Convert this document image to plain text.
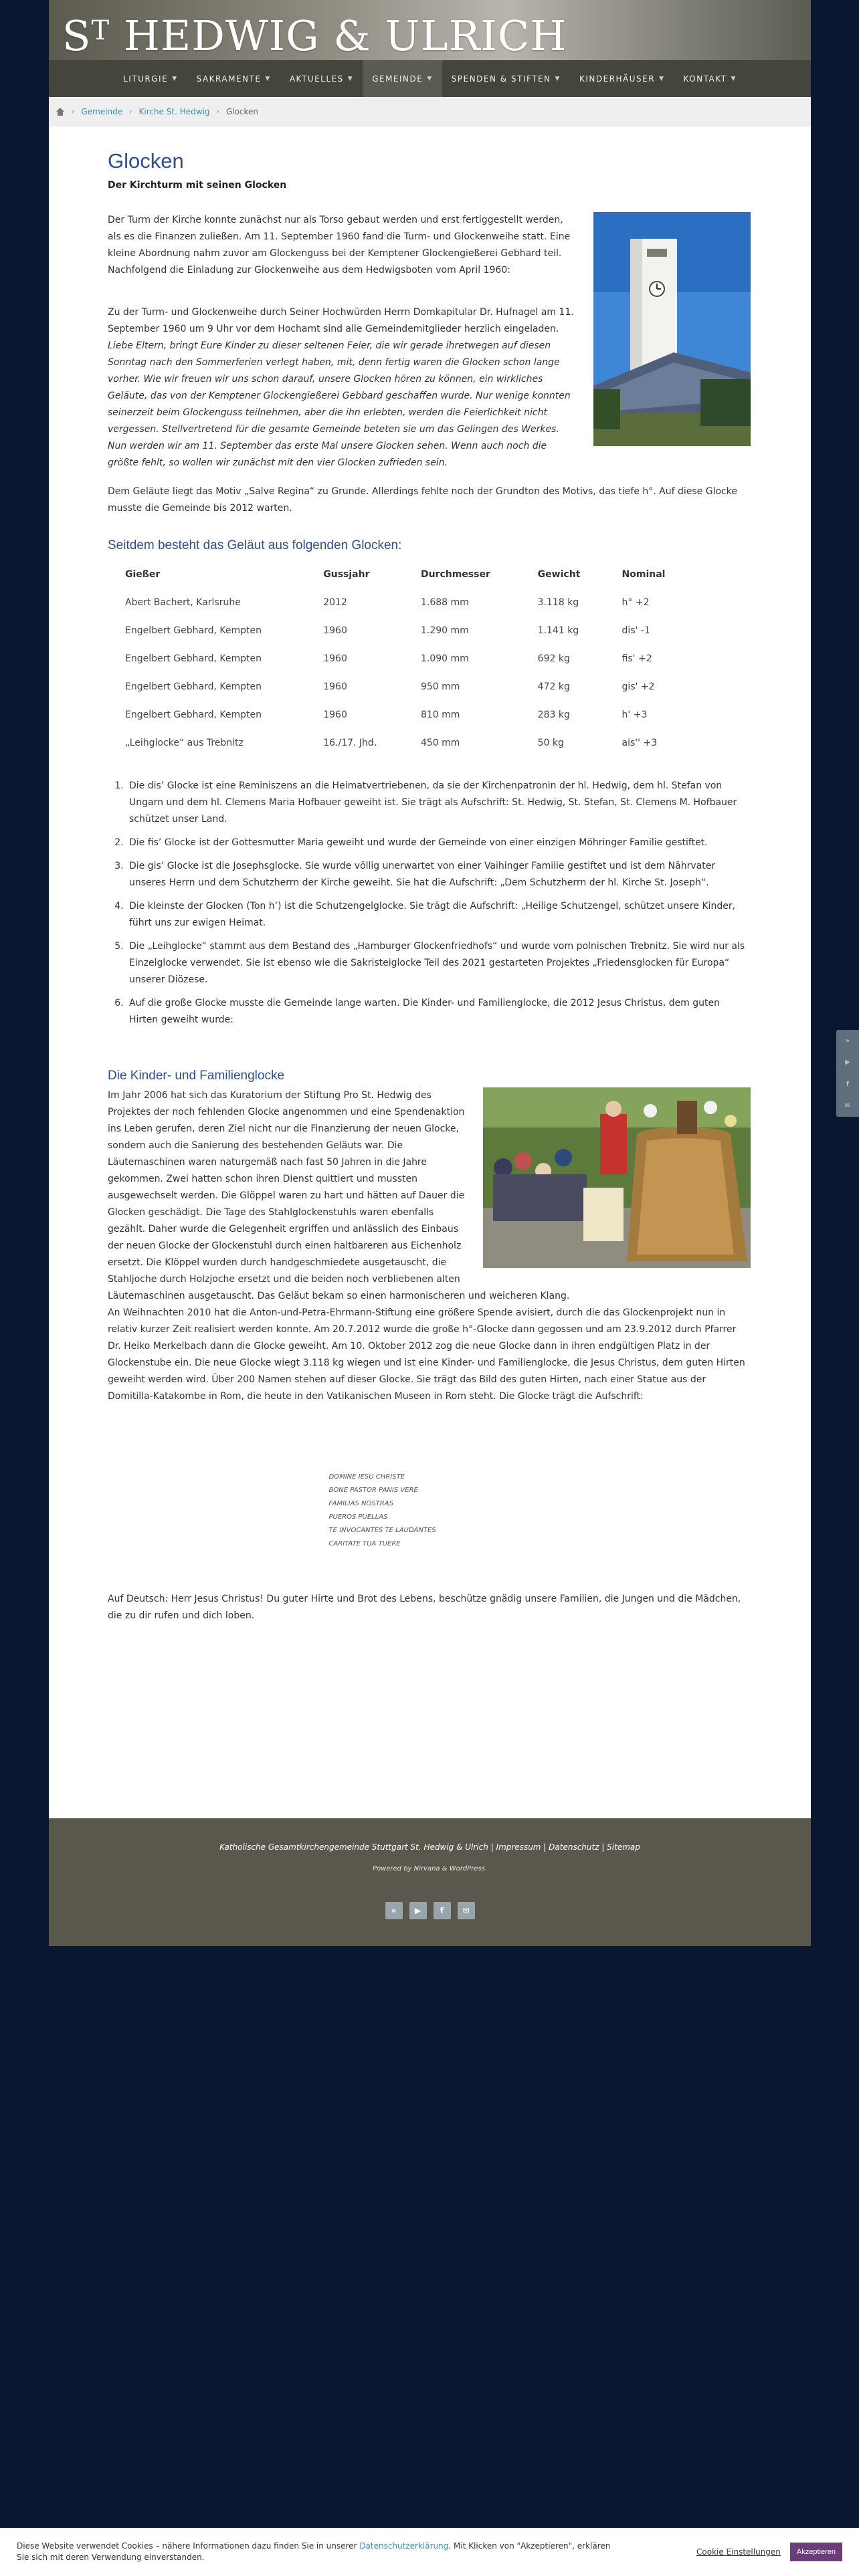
$S^T$ HEDWIG & ULRICH
LITURGIE ▼ SAKRAMENTE ▼ AKTUELLES ▼ GEMEINDE ▼ SPENDEN & STIFTEN ▼ KINDERHÄUSER ▼ KONTAKT ▼
› Gemeinde › Kirche St. Hedwig › Glocken
Glocken
Der Kirchturm mit seinen Glocken

Der Turm der Kirche konnte zunächst nur als Torso gebaut werden und erst fertiggestellt werden, als es die Finanzen zuließen. Am 11. September 1960 fand die Turm- und Glockenweihe statt. Eine kleine Abordnung nahm zuvor am Glockenguss bei der Kemptener Glockengießerei Gebhard teil. Nachfolgend die Einladung zur Glockenweihe aus dem Hedwigsboten vom April 1960:

Zu der Turm- und Glockenweihe durch Seiner Hochwürden Herrn Domkapitular Dr. Hufnagel am 11. September 1960 um 9 Uhr vor dem Hochamt sind alle Gemeindemitglieder herzlich eingeladen.

Liebe Eltern, bringt Eure Kinder zu dieser seltenen Feier, die wir gerade ihretwegen auf diesen Sonntag nach den Sommerferien verlegt haben, mit, denn fertig waren die Glocken schon lange vorher. Wie wir freuen wir uns schon darauf, unsere Glocken hören zu können, ein wirkliches Geläute, das von der Kemptener Glockengießerei Gebbard geschaffen wurde. Nur wenige konnten seinerzeit beim Glockenguss teilnehmen, aber die ihn erlebten, werden die Feierlichkeit nicht vergessen. Stellvertretend für die gesamte Gemeinde beteten sie um das Gelingen des Werkes. Nun werden wir am 11. September das erste Mal unsere Glocken sehen. Wenn auch noch die größte fehlt, so wollen wir zunächst mit den vier Glocken zufrieden sein.

Dem Geläute liegt das Motiv „Salve Regina“ zu Grunde. Allerdings fehlte noch der Grundton des Motivs, das tiefe h°. Auf diese Glocke musste die Gemeinde bis 2012 warten.

Seitdem besteht das Geläut aus folgenden Glocken:
Gießer	Gussjahr	Durchmesser	Gewicht	Nominal
Abert Bachert, Karlsruhe	2012	1.688 mm	3.118 kg	h° +2
Engelbert Gebhard, Kempten	1960	1.290 mm	1.141 kg	dis' -1
Engelbert Gebhard, Kempten	1960	1.090 mm	692 kg	fis' +2
Engelbert Gebhard, Kempten	1960	950 mm	472 kg	gis' +2
Engelbert Gebhard, Kempten	1960	810 mm	283 kg	h' +3
„Leihglocke“ aus Trebnitz	16./17. Jhd.	450 mm	50 kg	ais'' +3
1. Die dis’ Glocke ist eine Reminiszens an die Heimatvertriebenen, da sie der Kirchenpatronin der hl. Hedwig, dem hl. Stefan von Ungarn und dem hl. Clemens Maria Hofbauer geweiht ist. Sie trägt als Aufschrift: St. Hedwig, St. Stefan, St. Clemens M. Hofbauer schützet unser Land.
2. Die fis’ Glocke ist der Gottesmutter Maria geweiht und wurde der Gemeinde von einer einzigen Möhringer Familie gestiftet.
3. Die gis’ Glocke ist die Josephsglocke. Sie wurde völlig unerwartet von einer Vaihinger Familie gestiftet und ist dem Nährvater unseres Herrn und dem Schutzherrn der Kirche geweiht. Sie hat die Aufschrift: „Dem Schutzherrn der hl. Kirche St. Joseph“.
4. Die kleinste der Glocken (Ton h’) ist die Schutzengelglocke. Sie trägt die Aufschrift: „Heilige Schutzengel, schützet unsere Kinder, führt uns zur ewigen Heimat.
5. Die „Leihglocke“ stammt aus dem Bestand des „Hamburger Glockenfriedhofs“ und wurde vom polnischen Trebnitz. Sie wird nur als Einzelglocke verwendet. Sie ist ebenso wie die Sakristeiglocke Teil des 2021 gestarteten Projektes „Friedensglocken für Europa“ unserer Diözese.
6. Auf die große Glocke musste die Gemeinde lange warten. Die Kinder- und Familienglocke, die 2012 Jesus Christus, dem guten Hirten geweiht wurde:
Die Kinder- und Familienglocke

Im Jahr 2006 hat sich das Kuratorium der Stiftung Pro St. Hedwig des Projektes der noch fehlenden Glocke angenommen und eine Spendenaktion ins Leben gerufen, deren Ziel nicht nur die Finanzierung der neuen Glocke, sondern auch die Sanierung des bestehenden Geläuts war. Die Läutemaschinen waren naturgemäß nach fast 50 Jahren in die Jahre gekommen. Zwei hatten schon ihren Dienst quittiert und mussten ausgewechselt werden. Die Glöppel waren zu hart und hätten auf Dauer die Glocken geschädigt. Die Tage des Stahlglockenstuhls waren ebenfalls gezählt. Daher wurde die Gelegenheit ergriffen und anlässlich des Einbaus der neuen Glocke der Glockenstuhl durch einen haltbareren aus Eichenholz ersetzt. Die Klöppel wurden durch handgeschmiedete ausgetauscht, die Stahljoche durch Holzjoche ersetzt und die beiden noch verbliebenen alten Läutemaschinen ausgetauscht. Das Geläut bekam so einen harmonischeren und weicheren Klang.

An Weihnachten 2010 hat die Anton-und-Petra-Ehrmann-Stiftung eine größere Spende avisiert, durch die das Glockenprojekt nun in relativ kurzer Zeit realisiert werden konnte. Am 20.7.2012 wurde die große h°-Glocke dann gegossen und am 23.9.2012 durch Pfarrer Dr. Heiko Merkelbach dann die Glocke geweiht. Am 10. Oktober 2012 zog die neue Glocke dann in ihren endgültigen Platz in der Glockenstube ein. Die neue Glocke wiegt 3.118 kg wiegen und ist eine Kinder- und Familienglocke, die Jesus Christus, dem guten Hirten geweiht werden wird. Über 200 Namen stehen auf dieser Glocke. Sie trägt das Bild des guten Hirten, nach einer Statue aus der Domitilla-Katakombe in Rom, die heute in den Vatikanischen Museen in Rom steht. Die Glocke trägt die Aufschrift:

DOMINE IESU CHRISTE
BONE PASTOR PANIS VERE
FAMILIAS NOSTRAS
PUEROS PUELLAS
TE INVOCANTES TE LAUDANTES
CARITATE TUA TUERE

Auf Deutsch: Herr Jesus Christus! Du guter Hirte und Brot des Lebens, beschütze gnädig unsere Familien, die Jungen und die Mädchen, die zu dir rufen und dich loben.

Katholische Gesamtkirchengemeinde Stuttgart St. Hedwig & Ulrich | Impressum | Datenschutz | Sitemap
Powered by Nirvana & WordPress.
»	▶	f	✉
»
▶
f
✉
Diese Website verwendet Cookies – nähere Informationen dazu finden Sie in unserer Datenschutzerklärung. Mit Klicken von "Akzeptieren", erklären Sie sich mit deren Verwendung einverstanden.
Cookie Einstellungen	Akzeptieren
